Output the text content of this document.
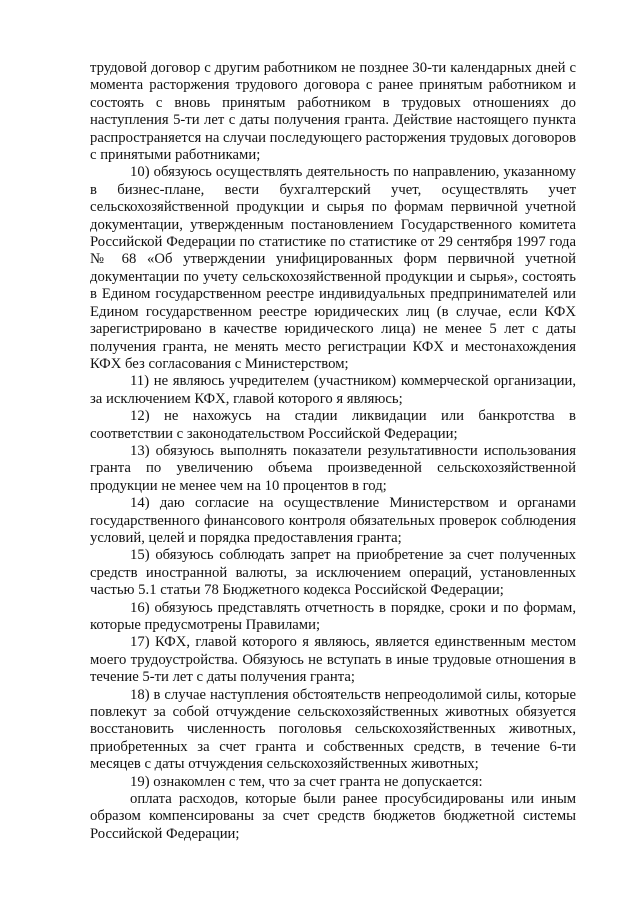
трудовой договор с другим работником не позднее 30-ти календарных дней с момента расторжения трудового договора с ранее принятым работником и состоять с вновь принятым работником в трудовых отношениях до наступления 5-ти лет с даты получения гранта. Действие настоящего пункта распространяется на случаи последующего расторжения трудовых договоров с принятыми работниками;

10) обязуюсь осуществлять деятельность по направлению, указанному в бизнес-плане, вести бухгалтерский учет, осуществлять учет сельскохозяйственной продукции и сырья по формам первичной учетной документации, утвержденным постановлением Государственного комитета Российской Федерации по статистике по статистике от 29 сентября 1997 года № 68 «Об утверждении унифицированных форм первичной учетной документации по учету сельскохозяйственной продукции и сырья», состоять в Едином государственном реестре индивидуальных предпринимателей или Едином государственном реестре юридических лиц (в случае, если КФХ зарегистрировано в качестве юридического лица) не менее 5 лет с даты получения гранта, не менять место регистрации КФХ и местонахождения КФХ без согласования с Министерством;

11) не являюсь учредителем (участником) коммерческой организации, за исключением КФХ, главой которого я являюсь;

12) не нахожусь на стадии ликвидации или банкротства в соответствии с законодательством Российской Федерации;

13) обязуюсь выполнять показатели результативности использования гранта по увеличению объема произведенной сельскохозяйственной продукции не менее чем на 10 процентов в год;

14) даю согласие на осуществление Министерством и органами государственного финансового контроля обязательных проверок соблюдения условий, целей и порядка предоставления гранта;

15) обязуюсь соблюдать запрет на приобретение за счет полученных средств иностранной валюты, за исключением операций, установленных частью 5.1 статьи 78 Бюджетного кодекса Российской Федерации;

16) обязуюсь представлять отчетность в порядке, сроки и по формам, которые предусмотрены Правилами;

17) КФХ, главой которого я являюсь, является единственным местом моего трудоустройства. Обязуюсь не вступать в иные трудовые отношения в течение 5-ти лет с даты получения гранта;

18) в случае наступления обстоятельств непреодолимой силы, которые повлекут за собой отчуждение сельскохозяйственных животных обязуется восстановить численность поголовья сельскохозяйственных животных, приобретенных за счет гранта и собственных средств, в течение 6-ти месяцев с даты отчуждения сельскохозяйственных животных;

19) ознакомлен с тем, что за счет гранта не допускается:

оплата расходов, которые были ранее просубсидированы или иным образом компенсированы за счет средств бюджетов бюджетной системы Российской Федерации;
